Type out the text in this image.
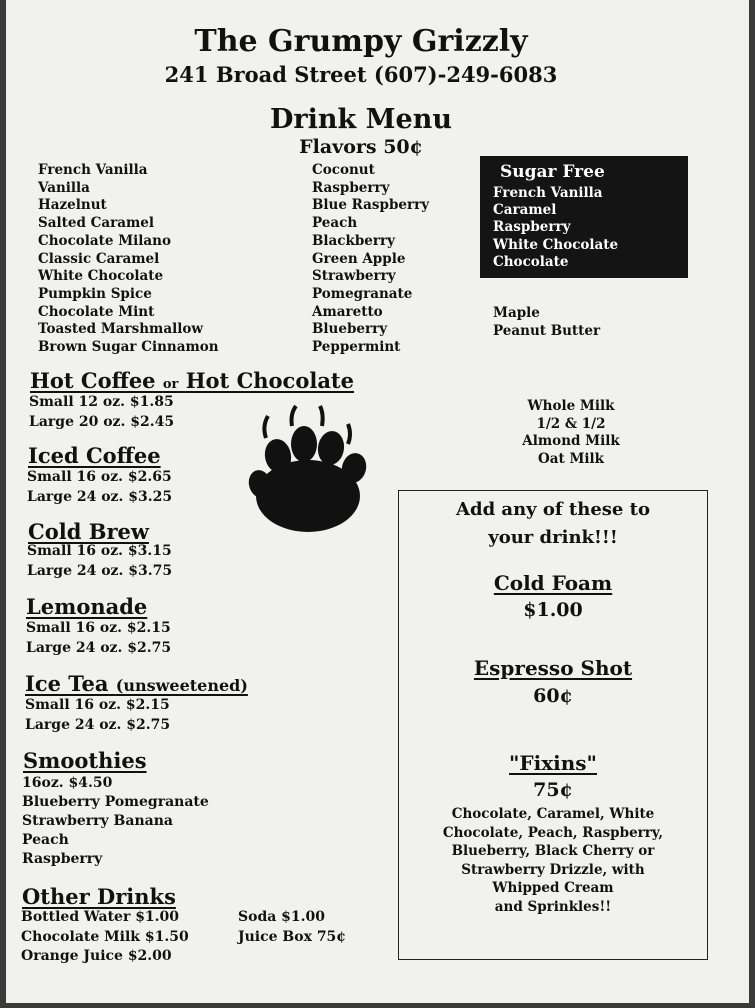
The Grumpy Grizzly

241 Broad Street (607)-249-6083

Drink Menu

Flavors 50¢

French Vanilla
Vanilla
Hazelnut
Salted Caramel
Chocolate Milano
Classic Caramel
White Chocolate
Pumpkin Spice
Chocolate Mint
Toasted Marshmallow
Brown Sugar Cinnamon
Coconut
Raspberry
Blue Raspberry
Peach
Blackberry
Green Apple
Strawberry
Pomegranate
Amaretto
Blueberry
Peppermint
Sugar Free
French Vanilla
Caramel
Raspberry
White Chocolate
Chocolate
Maple
Peanut Butter
Hot Coffee or Hot Chocolate
Small 12 oz. $1.85
Large 20 oz. $2.45
Whole Milk
1/2 & 1/2
Almond Milk
Oat Milk
Iced Coffee
Small 16 oz. $2.65
Large 24 oz. $3.25
Cold Brew
Small 16 oz. $3.15
Large 24 oz. $3.75
Lemonade
Small 16 oz. $2.15
Large 24 oz. $2.75
Ice Tea (unsweetened)
Small 16 oz. $2.15
Large 24 oz. $2.75
Smoothies
16oz. $4.50
Blueberry Pomegranate
Strawberry Banana
Peach
Raspberry
Other Drinks
Bottled Water $1.00
Chocolate Milk $1.50
Orange Juice $2.00
Soda $1.00
Juice Box 75¢

Add any of these to

your drink!!!

Cold Foam

$1.00

Espresso Shot

60¢

"Fixins"

75¢

Chocolate, Caramel, White
Chocolate, Peach, Raspberry,
Blueberry, Black Cherry or
Strawberry Drizzle, with
Whipped Cream
and Sprinkles!!
